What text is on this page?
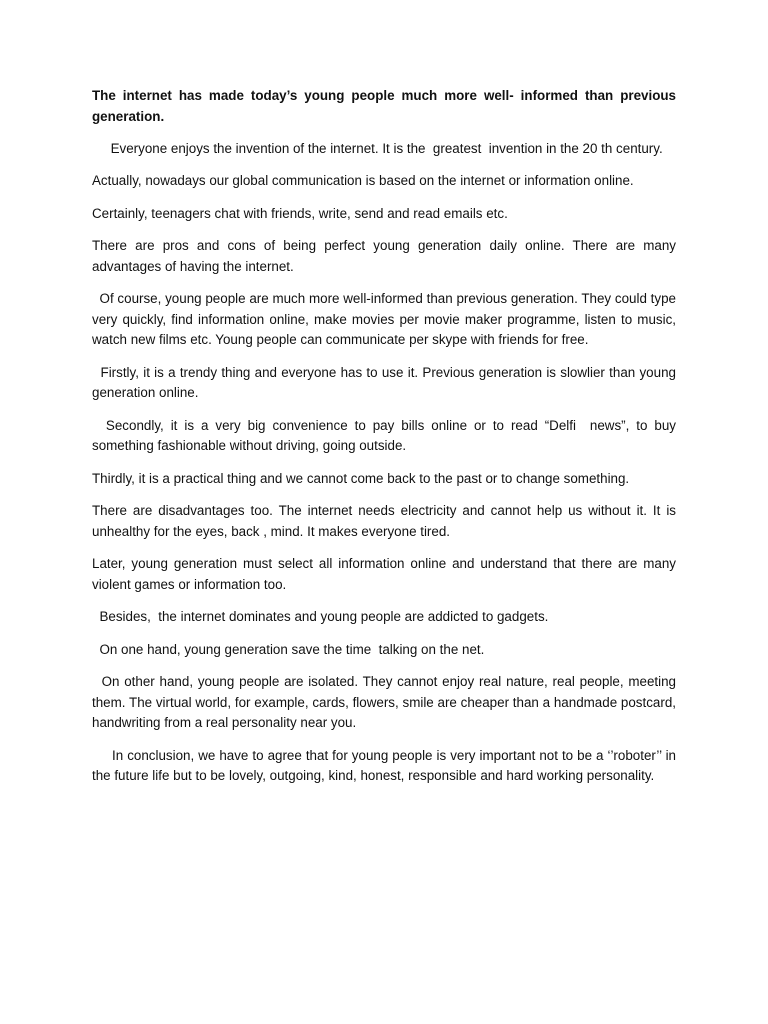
The internet has made today’s young people much more well- informed than previous generation.

Everyone enjoys the invention of the internet. It is the  greatest  invention in the 20 th century.

Actually, nowadays our global communication is based on the internet or information online.

Certainly, teenagers chat with friends, write, send and read emails etc.

There are pros and cons of being perfect young generation daily online. There are many advantages of having the internet.

Of course, young people are much more well-informed than previous generation. They could type very quickly, find information online, make movies per movie maker programme, listen to music, watch new films etc. Young people can communicate per skype with friends for free.

Firstly, it is a trendy thing and everyone has to use it. Previous generation is slowlier than young generation online.

Secondly, it is a very big convenience to pay bills online or to read “Delfi  news”, to buy something fashionable without driving, going outside.

Thirdly, it is a practical thing and we cannot come back to the past or to change something.

There are disadvantages too. The internet needs electricity and cannot help us without it. It is unhealthy for the eyes, back , mind. It makes everyone tired.

Later, young generation must select all information online and understand that there are many violent games or information too.

Besides,  the internet dominates and young people are addicted to gadgets.

On one hand, young generation save the time  talking on the net.

On other hand, young people are isolated. They cannot enjoy real nature, real people, meeting them. The virtual world, for example, cards, flowers, smile are cheaper than a handmade postcard, handwriting from a real personality near you.

In conclusion, we have to agree that for young people is very important not to be a ‘’roboter’’ in the future life but to be lovely, outgoing, kind, honest, responsible and hard working personality.
